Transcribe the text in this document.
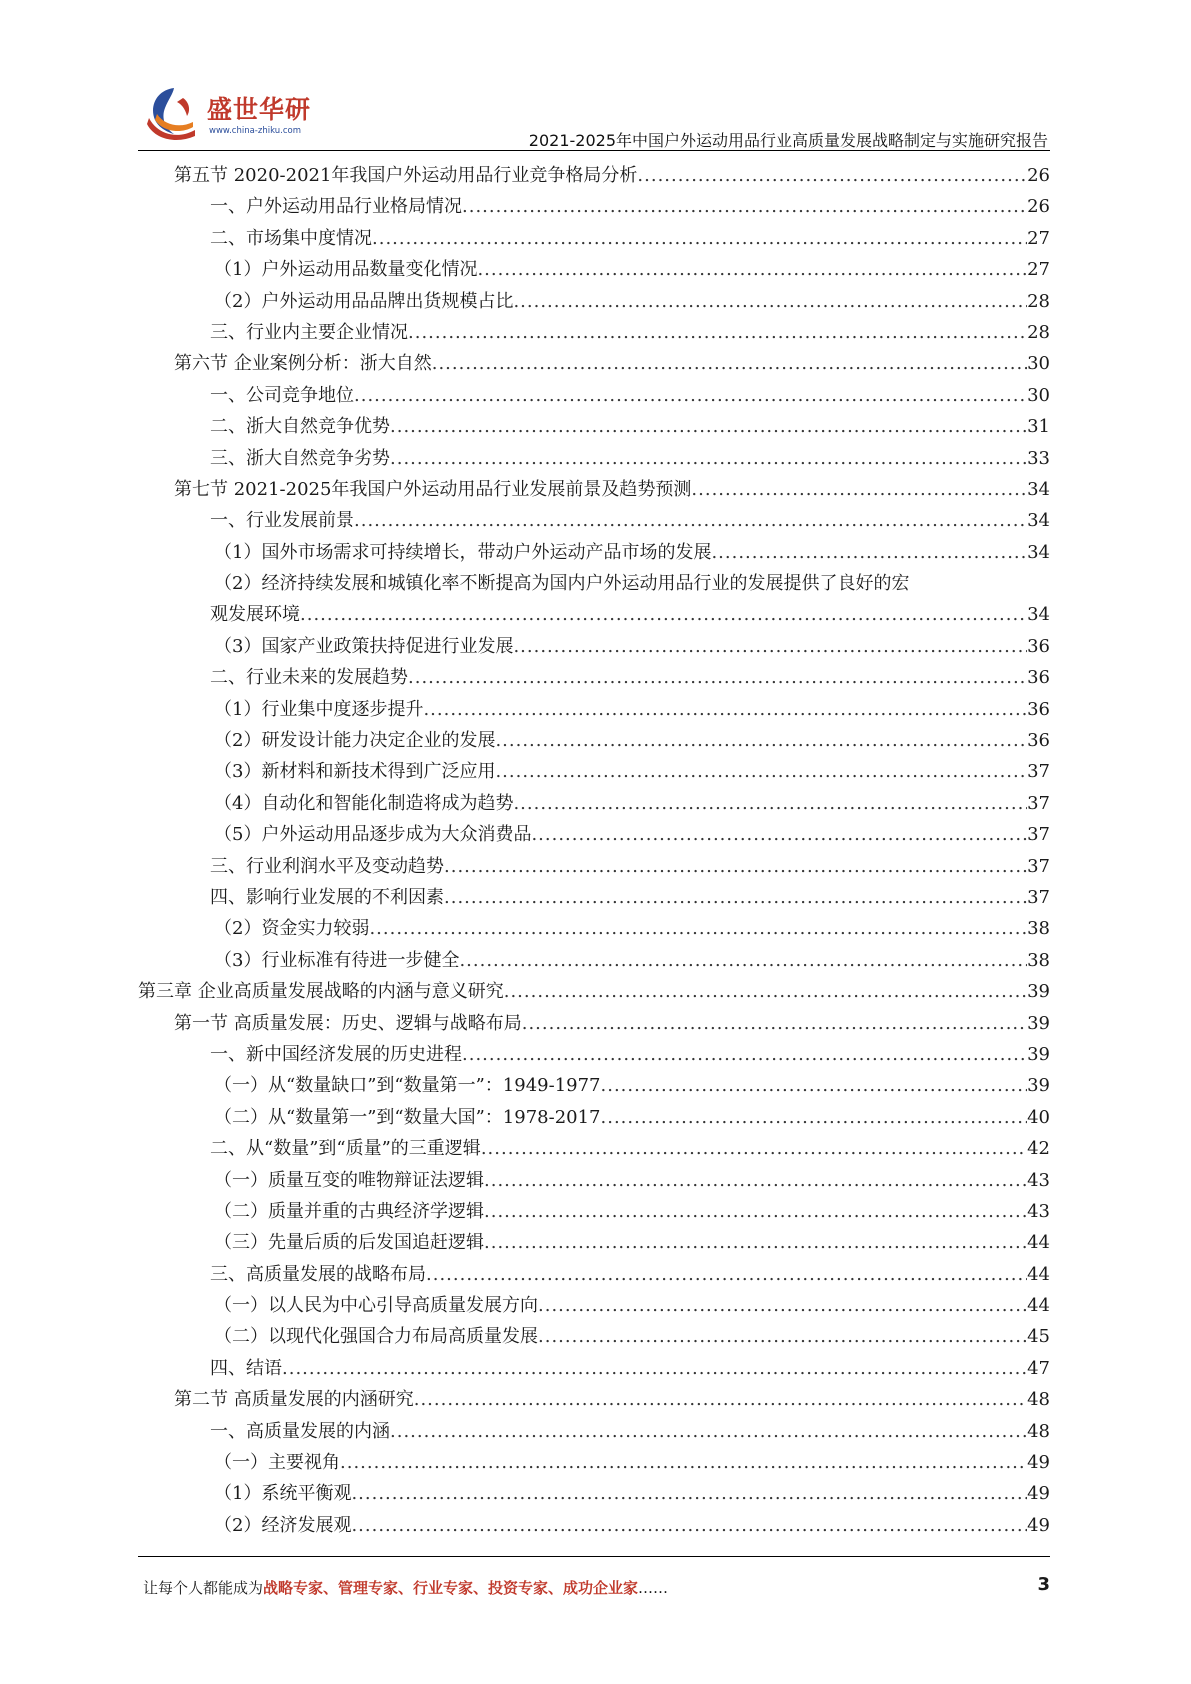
盛世华研
www.china-zhiku.com	2021-2025年中国户外运动用品行业高质量发展战略制定与实施研究报告
第五节 2020-2021年我国户外运动用品行业竞争格局分析 .....	26
一、户外运动用品行业格局情况 .....	26
二、市场集中度情况 .....	27
（1）户外运动用品数量变化情况 .....	27
（2）户外运动用品品牌出货规模占比 .....	28
三、行业内主要企业情况 .....	28
第六节 企业案例分析：浙大自然 .....	30
一、公司竞争地位 .....	30
二、浙大自然竞争优势 .....	31
三、浙大自然竞争劣势 .....	33
第七节 2021-2025年我国户外运动用品行业发展前景及趋势预测 .....	34
一、行业发展前景 .....	34
（1）国外市场需求可持续增长，带动户外运动产品市场的发展 .....	34
（2）经济持续发展和城镇化率不断提高为国内户外运动用品行业的发展提供了良好的宏
观发展环境 .....	34
（3）国家产业政策扶持促进行业发展 .....	36
二、行业未来的发展趋势 .....	36
（1）行业集中度逐步提升 .....	36
（2）研发设计能力决定企业的发展 .....	36
（3）新材料和新技术得到广泛应用 .....	37
（4）自动化和智能化制造将成为趋势 .....	37
（5）户外运动用品逐步成为大众消费品 .....	37
三、行业利润水平及变动趋势 .....	37
四、影响行业发展的不利因素 .....	37
（2）资金实力较弱 .....	38
（3）行业标准有待进一步健全 .....	38
第三章 企业高质量发展战略的内涵与意义研究 .....	39
第一节 高质量发展：历史、逻辑与战略布局 .....	39
一、新中国经济发展的历史进程 .....	39
（一）从“数量缺口”到“数量第一”：1949-1977 .....	39
（二）从“数量第一”到“数量大国”：1978-2017 .....	40
二、从“数量”到“质量”的三重逻辑 .....	42
（一）质量互变的唯物辩证法逻辑 .....	43
（二）质量并重的古典经济学逻辑 .....	43
（三）先量后质的后发国追赶逻辑 .....	44
三、高质量发展的战略布局 .....	44
（一）以人民为中心引导高质量发展方向 .....	44
（二）以现代化强国合力布局高质量发展 .....	45
四、结语 .....	47
第二节 高质量发展的内涵研究 .....	48
一、高质量发展的内涵 .....	48
（一）主要视角 .....	49
（1）系统平衡观 .....	49
（2）经济发展观 .....	49
让每个人都能成为战略专家、管理专家、行业专家、投资专家、成功企业家……	3
